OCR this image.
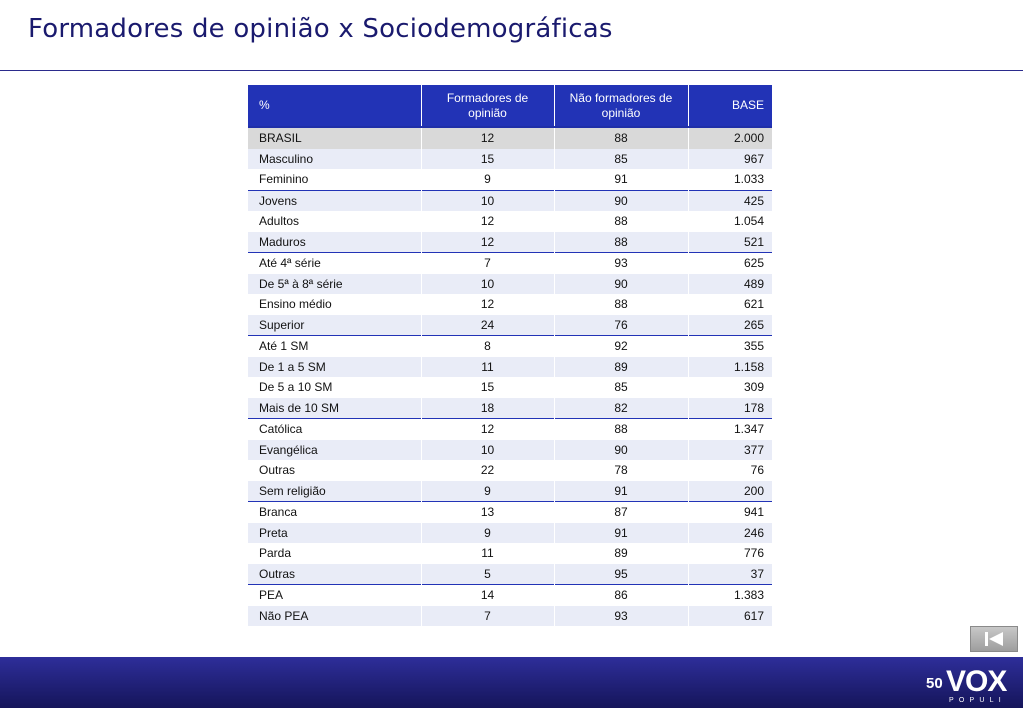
Formadores de opinião x Sociodemográficas
%	Formadores de opinião	Não formadores de opinião	BASE
BRASIL	12	88	2.000
Masculino	15	85	967
Feminino	9	91	1.033
Jovens	10	90	425
Adultos	12	88	1.054
Maduros	12	88	521
Até 4ª série	7	93	625
De 5ª à 8ª série	10	90	489
Ensino médio	12	88	621
Superior	24	76	265
Até 1 SM	8	92	355
De 1 a 5 SM	11	89	1.158
De 5 a 10 SM	15	85	309
Mais de 10 SM	18	82	178
Católica	12	88	1.347
Evangélica	10	90	377
Outras	22	78	76
Sem religião	9	91	200
Branca	13	87	941
Preta	9	91	246
Parda	11	89	776
Outras	5	95	37
PEA	14	86	1.383
Não PEA	7	93	617
50 VOX
POPULI
